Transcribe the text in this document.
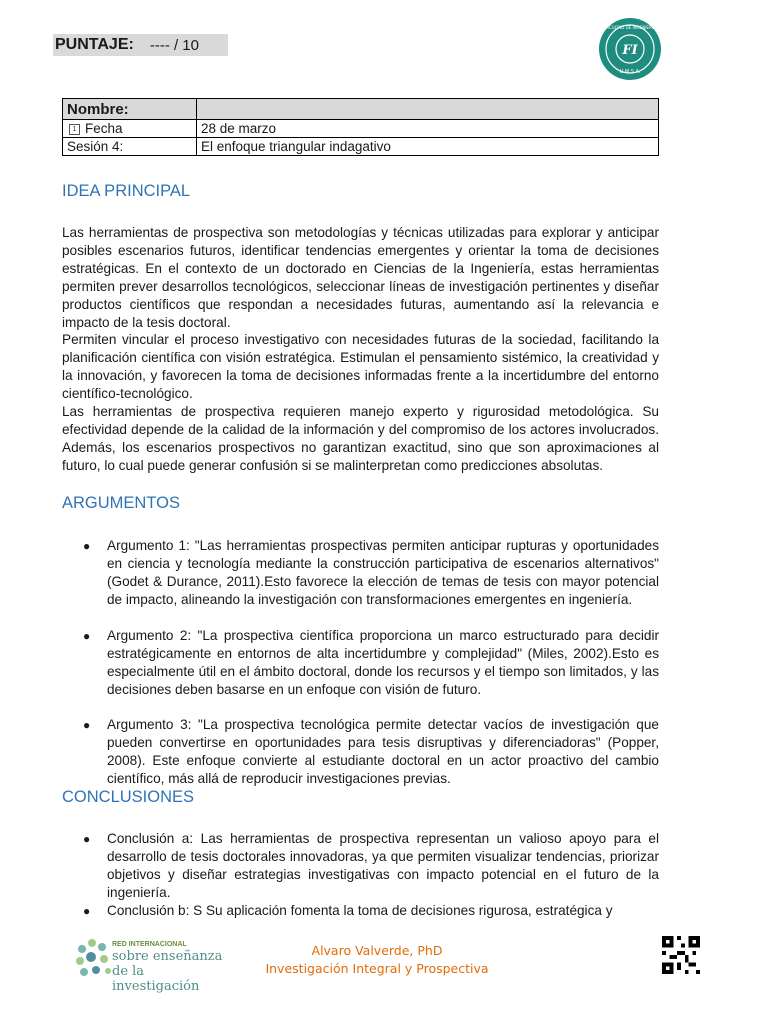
PUNTAJE: ---- / 10	FI
U.M.S.A.
FACULTAD DE INGENIERIA
Nombre:	
1 Fecha	28 de marzo
Sesión 4:	El enfoque triangular indagativo
IDEA PRINCIPAL

Las herramientas de prospectiva son metodologías y técnicas utilizadas para explorar y anticipar posibles escenarios futuros, identificar tendencias emergentes y orientar la toma de decisiones estratégicas. En el contexto de un doctorado en Ciencias de la Ingeniería, estas herramientas permiten prever desarrollos tecnológicos, seleccionar líneas de investigación pertinentes y diseñar productos científicos que respondan a necesidades futuras, aumentando así la relevancia e impacto de la tesis doctoral.

Permiten vincular el proceso investigativo con necesidades futuras de la sociedad, facilitando la planificación científica con visión estratégica. Estimulan el pensamiento sistémico, la creatividad y la innovación, y favorecen la toma de decisiones informadas frente a la incertidumbre del entorno científico-tecnológico.

Las herramientas de prospectiva requieren manejo experto y rigurosidad metodológica. Su efectividad depende de la calidad de la información y del compromiso de los actores involucrados. Además, los escenarios prospectivos no garantizan exactitud, sino que son aproximaciones al futuro, lo cual puede generar confusión si se malinterpretan como predicciones absolutas.

ARGUMENTOS
● Argumento 1: "Las herramientas prospectivas permiten anticipar rupturas y oportunidades en ciencia y tecnología mediante la construcción participativa de escenarios alternativos" (Godet & Durance, 2011).Esto favorece la elección de temas de tesis con mayor potencial de impacto, alineando la investigación con transformaciones emergentes en ingeniería.
● Argumento 2: "La prospectiva científica proporciona un marco estructurado para decidir estratégicamente en entornos de alta incertidumbre y complejidad" (Miles, 2002).Esto es especialmente útil en el ámbito doctoral, donde los recursos y el tiempo son limitados, y las decisiones deben basarse en un enfoque con visión de futuro.
● Argumento 3: "La prospectiva tecnológica permite detectar vacíos de investigación que pueden convertirse en oportunidades para tesis disruptivas y diferenciadoras" (Popper, 2008). Este enfoque convierte al estudiante doctoral en un actor proactivo del cambio científico, más allá de reproducir investigaciones previas.
CONCLUSIONES
● Conclusión a: Las herramientas de prospectiva representan un valioso apoyo para el desarrollo de tesis doctorales innovadoras, ya que permiten visualizar tendencias, priorizar objetivos y diseñar estrategias investigativas con impacto potencial en el futuro de la ingeniería.
● Conclusión b: S Su aplicación fomenta la toma de decisiones rigurosa, estratégica y
RED INTERNACIONAL
sobre enseñanza
de la investigación
Alvaro Valverde, PhD
Investigación Integral y Prospectiva
